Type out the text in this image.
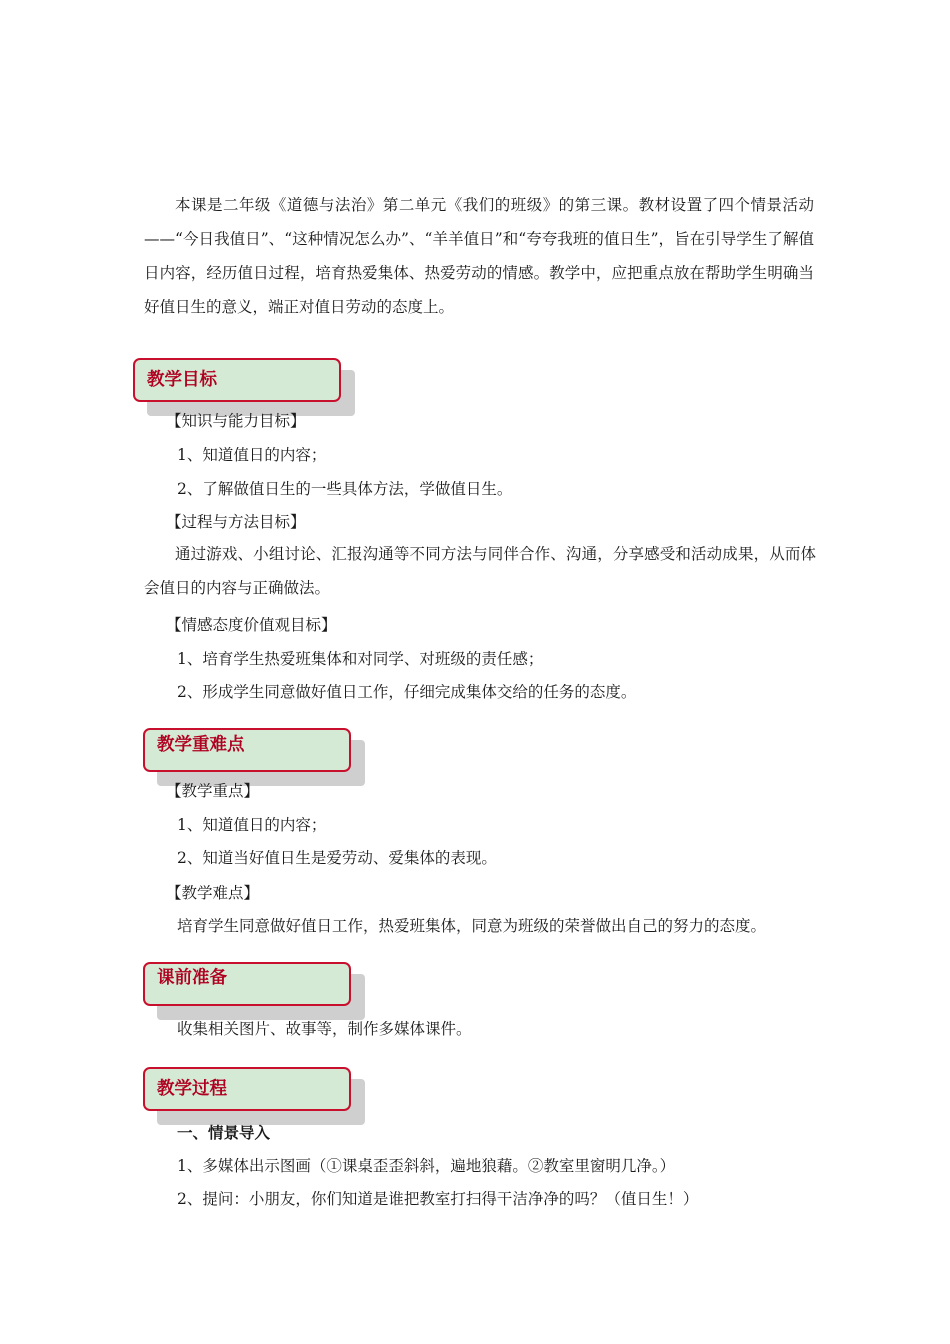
本课是二年级《道德与法治》第二单元《我们的班级》的第三课。教材设置了四个情景活动——“今日我值日”、“这种情况怎么办”、“羊羊值日”和“夸夸我班的值日生”，旨在引导学生了解值日内容，经历值日过程，培育热爱集体、热爱劳动的情感。教学中，应把重点放在帮助学生明确当好值日生的意义，端正对值日劳动的态度上。

教学目标

【知识与能力目标】

1、知道值日的内容；

2、了解做值日生的一些具体方法，学做值日生。

【过程与方法目标】

通过游戏、小组讨论、汇报沟通等不同方法与同伴合作、沟通，分享感受和活动成果，从而体会值日的内容与正确做法。

【情感态度价值观目标】

1、培育学生热爱班集体和对同学、对班级的责任感；

2、形成学生同意做好值日工作，仔细完成集体交给的任务的态度。

教学重难点

【教学重点】

1、知道值日的内容；

2、知道当好值日生是爱劳动、爱集体的表现。

【教学难点】

培育学生同意做好值日工作，热爱班集体，同意为班级的荣誉做出自己的努力的态度。

课前准备

收集相关图片、故事等，制作多媒体课件。

教学过程

一、情景导入

1、多媒体出示图画（①课桌歪歪斜斜，遍地狼藉。②教室里窗明几净。）

2、提问：小朋友，你们知道是谁把教室打扫得干洁净净的吗？（值日生！）
